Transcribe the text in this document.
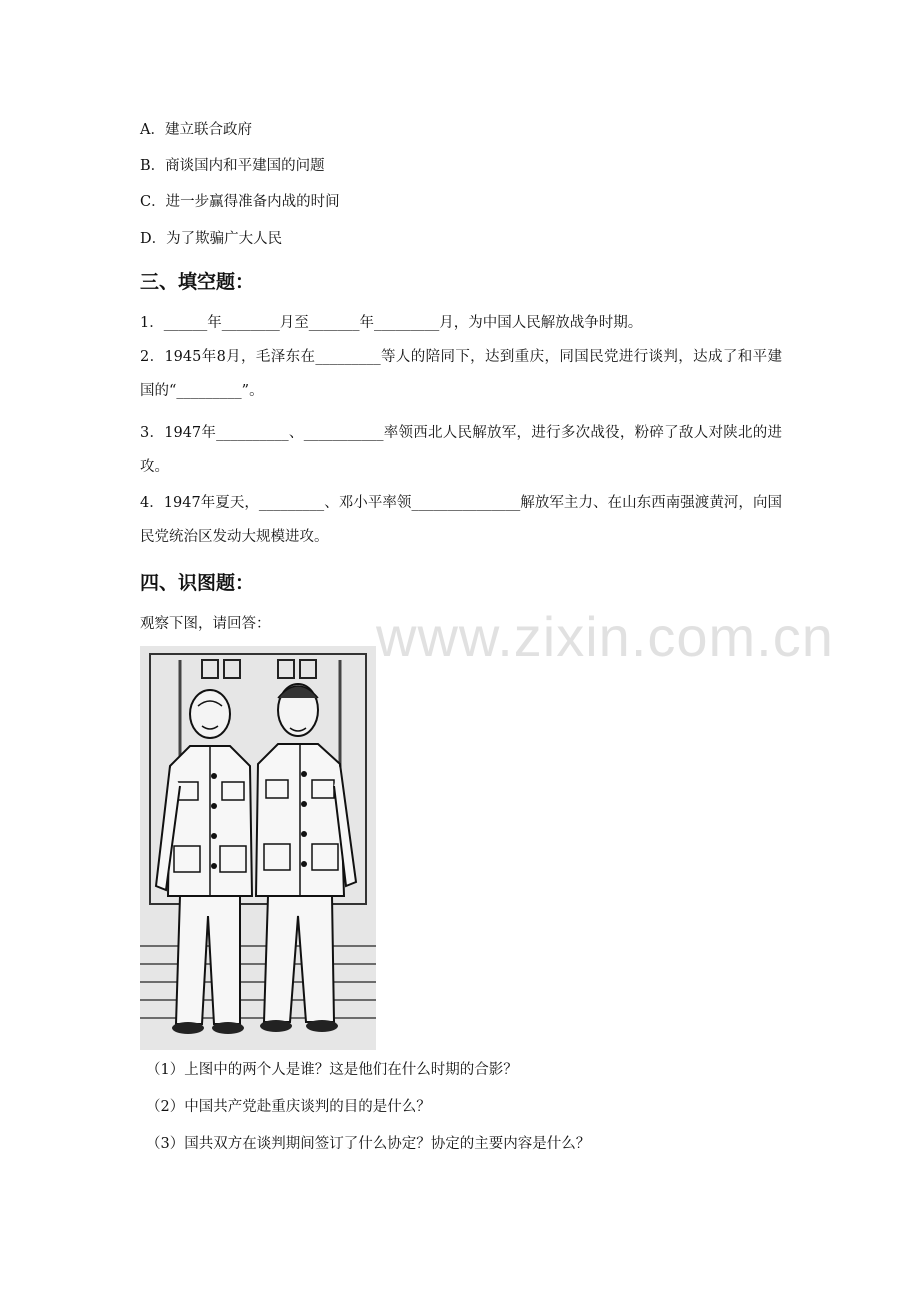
A．建立联合政府
B．商谈国内和平建国的问题
C．进一步赢得准备内战的时间
D．为了欺骗广大人民
三、填空题：
1．______年________月至_______年_________月，为中国人民解放战争时期。
2．1945年8月，毛泽东在_________等人的陪同下，达到重庆，同国民党进行谈判，达成了和平建国的“_________”。
3．1947年__________、___________率领西北人民解放军，进行多次战役，粉碎了敌人对陕北的进攻。
4．1947年夏天，_________、邓小平率领_______________解放军主力、在山东西南强渡黄河，向国民党统治区发动大规模进攻。
四、识图题：
观察下图，请回答：	www.zixin.com.cn
（1）上图中的两个人是谁？这是他们在什么时期的合影？
（2）中国共产党赴重庆谈判的目的是什么？
（3）国共双方在谈判期间签订了什么协定？协定的主要内容是什么？
